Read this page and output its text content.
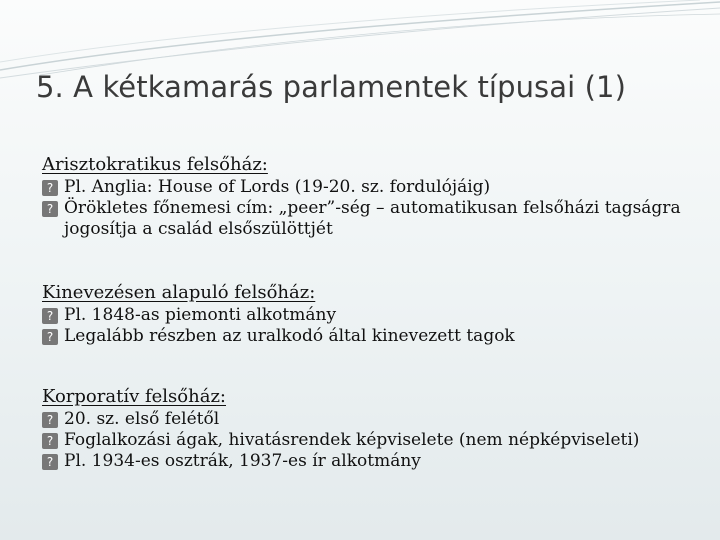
5. A kétkamarás parlamentek típusai (1)
Arisztokratikus felsőház:
? Pl. Anglia: House of Lords (19-20. sz. fordulójáig)
? Örökletes főnemesi cím: „peer”-ség – automatikusan felsőházi tagságra jogosítja a család elsőszülöttjét
Kinevezésen alapuló felsőház:
? Pl. 1848-as piemonti alkotmány
? Legalább részben az uralkodó által kinevezett tagok
Korporatív felsőház:
? 20. sz. első felétől
? Foglalkozási ágak, hivatásrendek képviselete (nem népképviseleti)
? Pl. 1934-es osztrák, 1937-es ír alkotmány
